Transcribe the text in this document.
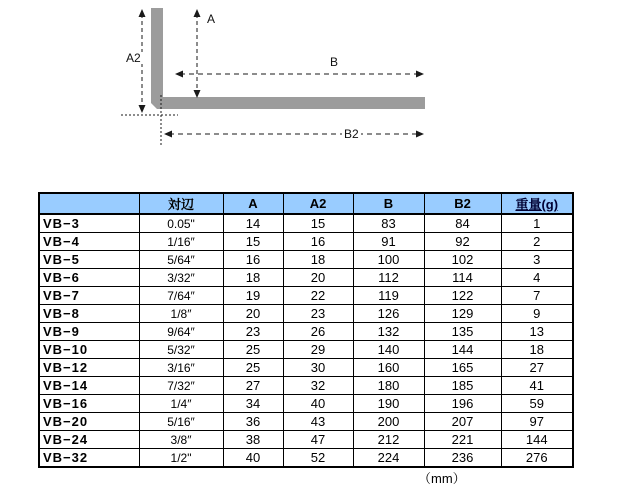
A
A2	B
B2
	対辺	A	A2	B	B2	重量(g)
VB−3	0.05"	14	15	83	84	1
VB−4	1/16″	15	16	91	92	2
VB−5	5/64″	16	18	100	102	3
VB−6	3/32″	18	20	112	114	4
VB−7	7/64″	19	22	119	122	7
VB−8	1/8″	20	23	126	129	9
VB−9	9/64″	23	26	132	135	13
VB−10	5/32″	25	29	140	144	18
VB−12	3/16″	25	30	160	165	27
VB−14	7/32″	27	32	180	185	41
VB−16	1/4″	34	40	190	196	59
VB−20	5/16″	36	43	200	207	97
VB−24	3/8″	38	47	212	221	144
VB−32	1/2"	40	52	224	236	276
（mm）
